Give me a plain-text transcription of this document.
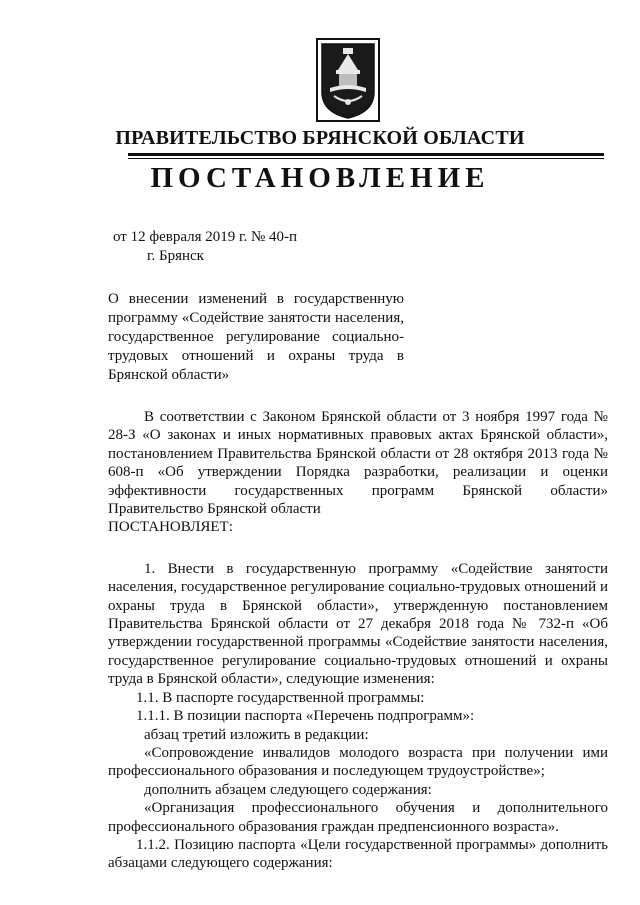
ПРАВИТЕЛЬСТВО БРЯНСКОЙ ОБЛАСТИ
ПОСТАНОВЛЕНИЕ
от 12 февраля 2019 г. № 40-п
г. Брянск
О внесении изменений в государственную программу «Содействие занятости населения, государственное регулирование социально-трудовых отношений и охраны труда в Брянской области»

В соответствии с Законом Брянской области от 3 ноября 1997 года № 28-З «О законах и иных нормативных правовых актах Брянской области», постановлением Правительства Брянской области от 28 октября 2013 года № 608-п «Об утверждении Порядка разработки, реализации и оценки эффективности государственных программ Брянской области» Правительство Брянской области

ПОСТАНОВЛЯЕТ:

1. Внести в государственную программу «Содействие занятости населения, государственное регулирование социально-трудовых отношений и охраны труда в Брянской области», утвержденную постановлением Правительства Брянской области от 27 декабря 2018 года № 732-п «Об утверждении государственной программы «Содействие занятости населения, государственное регулирование социально-трудовых отношений и охраны труда в Брянской области», следующие изменения:

1.1. В паспорте государственной программы:

1.1.1. В позиции паспорта «Перечень подпрограмм»:

абзац третий изложить в редакции:

«Сопровождение инвалидов молодого возраста при получении ими профессионального образования и последующем трудоустройстве»;

дополнить абзацем следующего содержания:

«Организация профессионального обучения и дополнительного профессионального образования граждан предпенсионного возраста».

1.1.2. Позицию паспорта «Цели государственной программы» дополнить абзацами следующего содержания:
